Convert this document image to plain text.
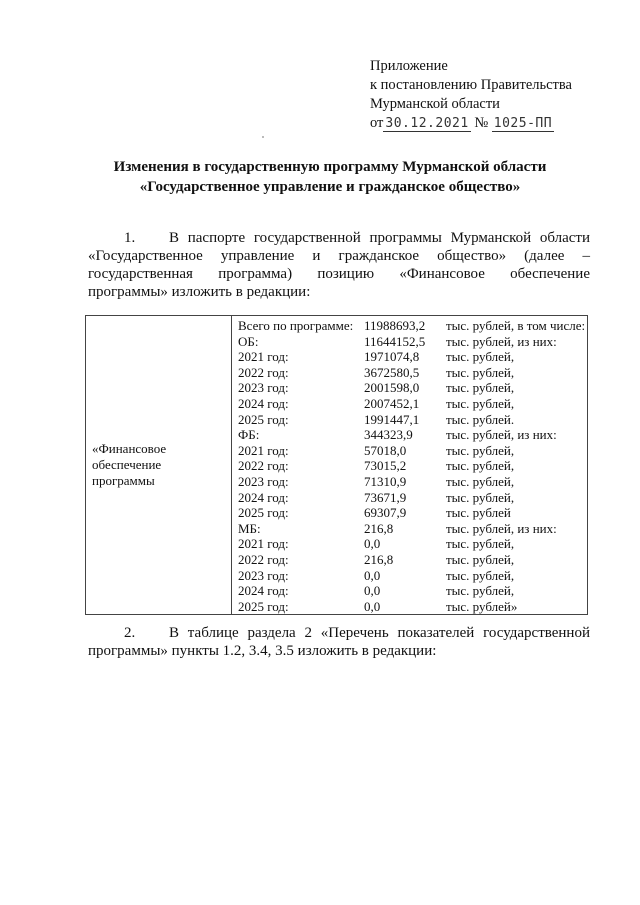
Приложение
к постановлению Правительства
Мурманской области
от 30.12.2021 № 1025-ПП
Изменения в государственную программу Мурманской области
«Государственное управление и гражданское общество»
1. В паспорте государственной программы Мурманской области
«Государственное управление и гражданское общество» (далее –
государственная программа) позицию «Финансовое обеспечение
программы» изложить в редакции:
«Финансовое
обеспечение
программы

Всего по программе: 11988693,2	тыс. рублей, в том числе:
ОБ:	11644152,5	тыс. рублей, из них:
2021 год:	1971074,8	тыс. рублей,
2022 год:	3672580,5	тыс. рублей,
2023 год:	2001598,0	тыс. рублей,
2024 год:	2007452,1	тыс. рублей,
2025 год:	1991447,1	тыс. рублей.
ФБ:	344323,9	тыс. рублей, из них:
2021 год:	57018,0	тыс. рублей,
2022 год:	73015,2	тыс. рублей,
2023 год:	71310,9	тыс. рублей,
2024 год:	73671,9	тыс. рублей,
2025 год:	69307,9	тыс. рублей
МБ:	216,8	тыс. рублей, из них:
2021 год:	0,0	тыс. рублей,
2022 год:	216,8	тыс. рублей,
2023 год:	0,0	тыс. рублей,
2024 год:	0,0	тыс. рублей,
2025 год:	0,0	тыс. рублей»
2. В таблице раздела 2 «Перечень показателей государственной
программы» пункты 1.2, 3.4, 3.5 изложить в редакции:
